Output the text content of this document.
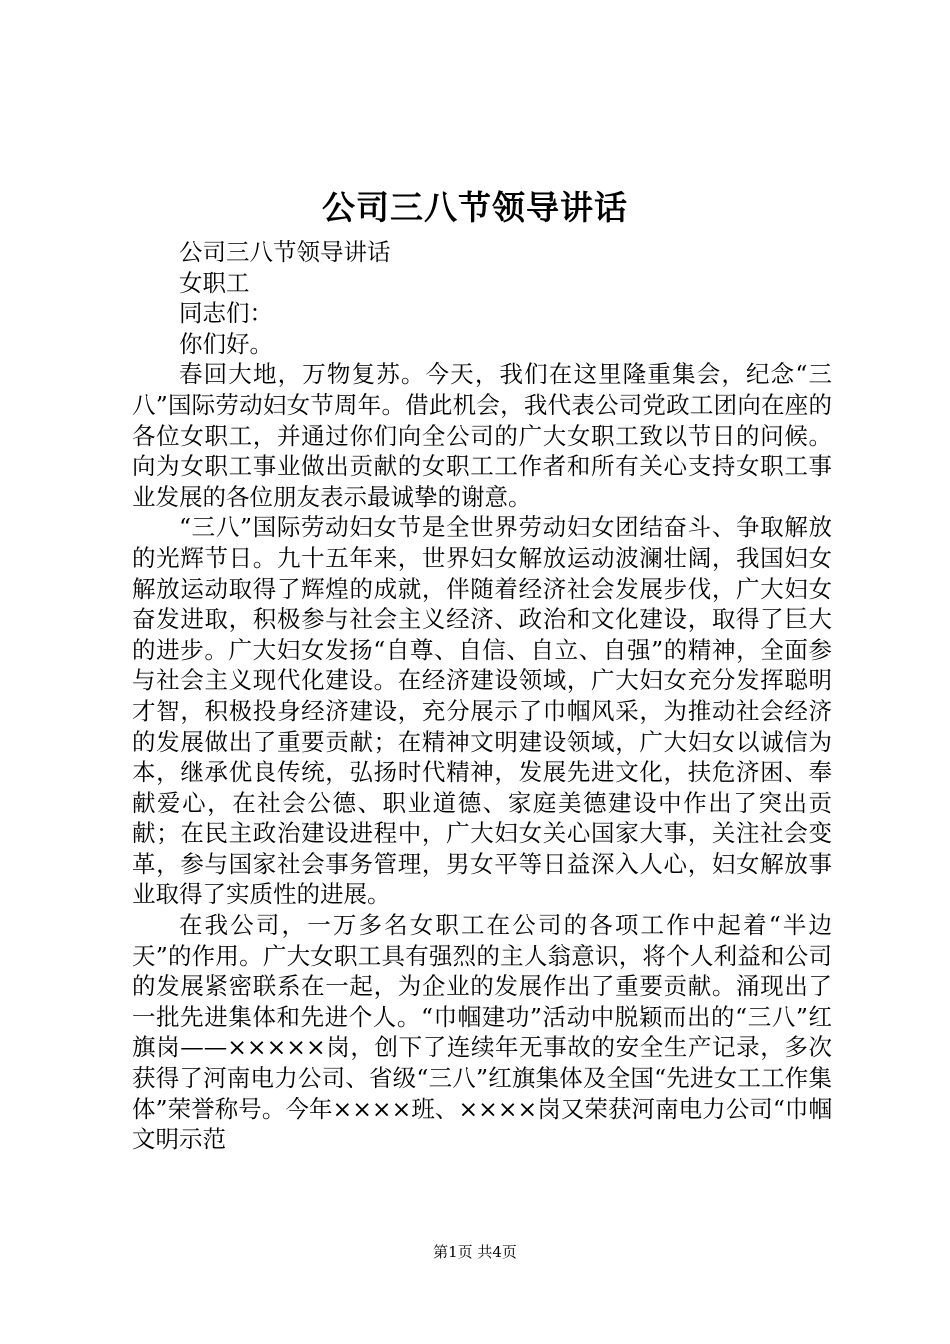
公司三八节领导讲话

公司三八节领导讲话

女职工

同志们：

你们好。

春回大地，万物复苏。今天，我们在这里隆重集会，纪念“三八”国际劳动妇女节周年。借此机会，我代表公司党政工团向在座的各位女职工，并通过你们向全公司的广大女职工致以节日的问候。向为女职工事业做出贡献的女职工工作者和所有关心支持女职工事业发展的各位朋友表示最诚挚的谢意。

“三八”国际劳动妇女节是全世界劳动妇女团结奋斗、争取解放的光辉节日。九十五年来，世界妇女解放运动波澜壮阔，我国妇女解放运动取得了辉煌的成就，伴随着经济社会发展步伐，广大妇女奋发进取，积极参与社会主义经济、政治和文化建设，取得了巨大的进步。广大妇女发扬“自尊、自信、自立、自强”的精神，全面参与社会主义现代化建设。在经济建设领域，广大妇女充分发挥聪明才智，积极投身经济建设，充分展示了巾帼风采，为推动社会经济的发展做出了重要贡献；在精神文明建设领域，广大妇女以诚信为本，继承优良传统，弘扬时代精神，发展先进文化，扶危济困、奉献爱心，在社会公德、职业道德、家庭美德建设中作出了突出贡献；在民主政治建设进程中，广大妇女关心国家大事，关注社会变革，参与国家社会事务管理，男女平等日益深入人心，妇女解放事业取得了实质性的进展。

在我公司，一万多名女职工在公司的各项工作中起着“半边天”的作用。广大女职工具有强烈的主人翁意识，将个人利益和公司的发展紧密联系在一起，为企业的发展作出了重要贡献。涌现出了一批先进集体和先进个人。“巾帼建功”活动中脱颖而出的“三八”红旗岗——×××××岗，创下了连续年无事故的安全生产记录，多次获得了河南电力公司、省级“三八”红旗集体及全国“先进女工工作集体”荣誉称号。今年××××班、××××岗又荣获河南电力公司“巾帼文明示范

第1页 共4页
